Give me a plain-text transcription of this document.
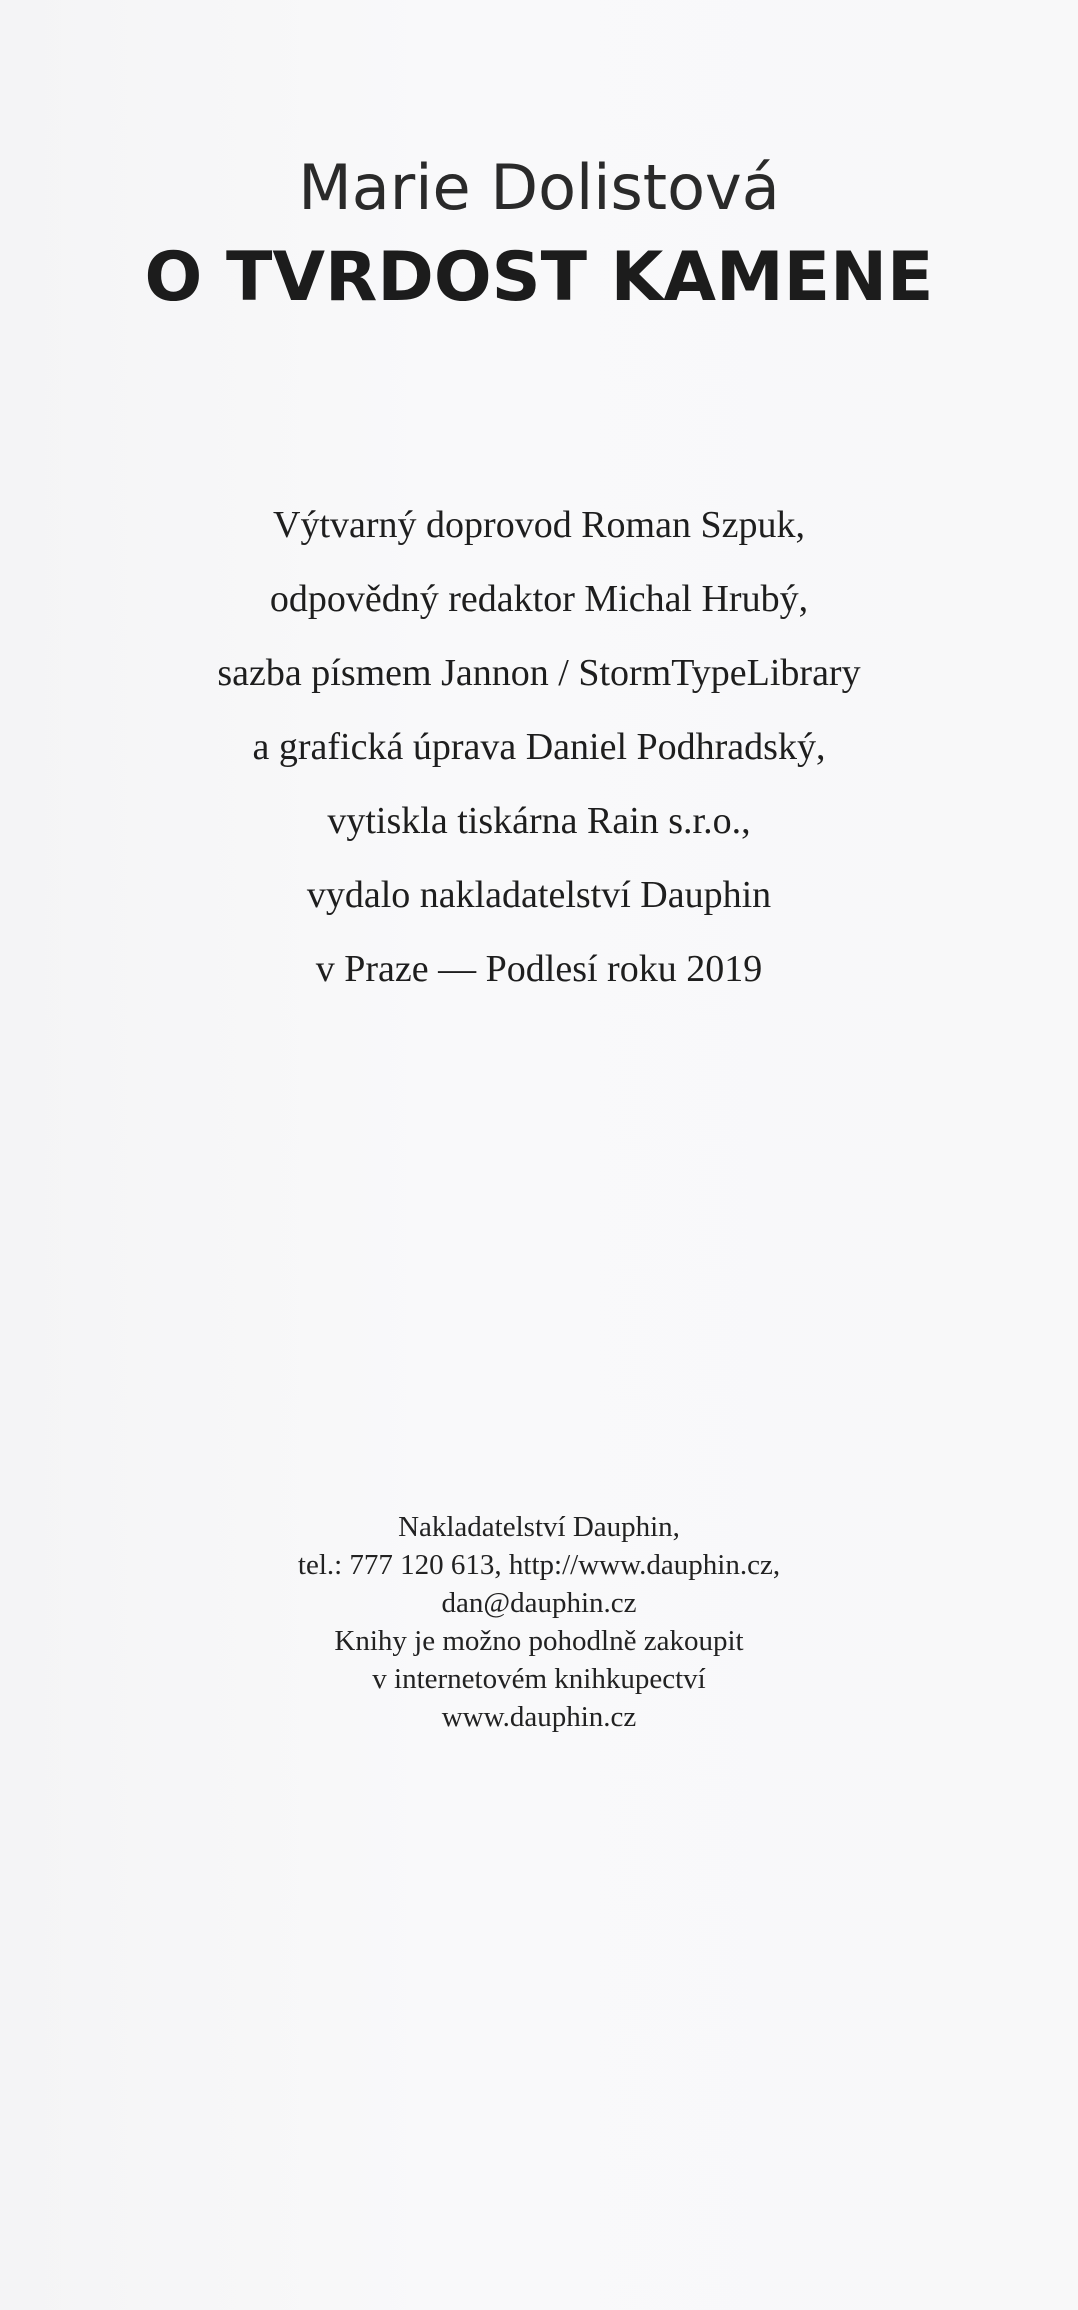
Marie Dolistová
O TVRDOST KAMENE
Výtvarný doprovod Roman Szpuk,
odpovědný redaktor Michal Hrubý,
sazba písmem Jannon / StormTypeLibrary
a grafická úprava Daniel Podhradský,
vytiskla tiskárna Rain s.r.o.,
vydalo nakladatelství Dauphin
v Praze — Podlesí roku 2019
Nakladatelství Dauphin,
tel.: 777 120 613, http://www.dauphin.cz,
dan@dauphin.cz
Knihy je možno pohodlně zakoupit
v internetovém knihkupectví
www.dauphin.cz
